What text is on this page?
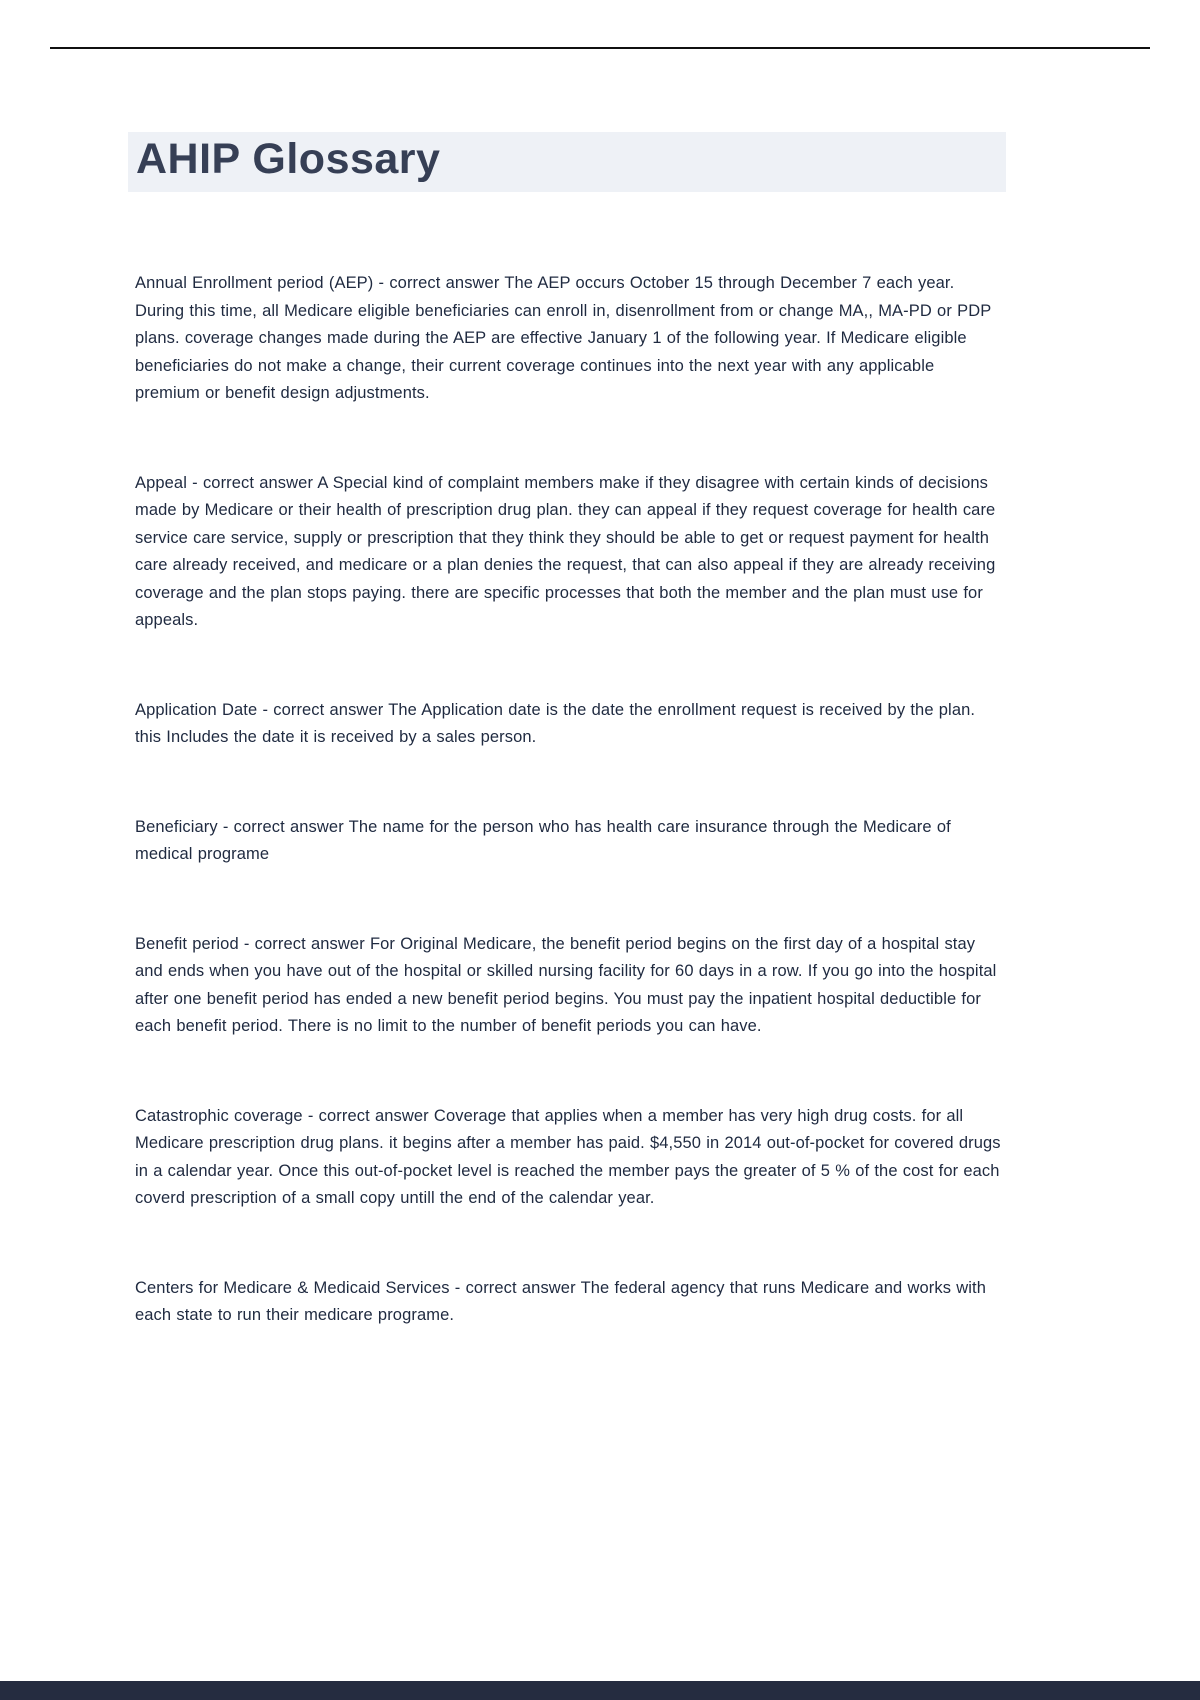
AHIP Glossary

Annual Enrollment period (AEP) - correct answer The AEP occurs October 15 through December 7 each year. During this time, all Medicare eligible beneficiaries can enroll in, disenrollment from or change MA,, MA-PD or PDP plans. coverage changes made during the AEP are effective January 1 of the following year. If Medicare eligible beneficiaries do not make a change, their current coverage continues into the next year with any applicable premium or benefit design adjustments.

Appeal - correct answer A Special kind of complaint members make if they disagree with certain kinds of decisions made by Medicare or their health of prescription drug plan. they can appeal if they request coverage for health care service care service, supply or prescription that they think they should be able to get or request payment for health care already received, and medicare or a plan denies the request, that can also appeal if they are already receiving coverage and the plan stops paying. there are specific processes that both the member and the plan must use for appeals.

Application Date - correct answer The Application date is the date the enrollment request is received by the plan. this Includes the date it is received by a sales person.

Beneficiary - correct answer The name for the person who has health care insurance through the Medicare of medical programe

Benefit period - correct answer For Original Medicare, the benefit period begins on the first day of a hospital stay and ends when you have out of the hospital or skilled nursing facility for 60 days in a row. If you go into the hospital after one benefit period has ended a new benefit period begins. You must pay the inpatient hospital deductible for each benefit period. There is no limit to the number of benefit periods you can have.

Catastrophic coverage - correct answer Coverage that applies when a member has very high drug costs. for all Medicare prescription drug plans. it begins after a member has paid. $4,550 in 2014 out-of-pocket for covered drugs in a calendar year. Once this out-of-pocket level is reached the member pays the greater of 5 % of the cost for each coverd prescription of a small copy untill the end of the calendar year.

Centers for Medicare & Medicaid Services - correct answer The federal agency that runs Medicare and works with each state to run their medicare programe.
